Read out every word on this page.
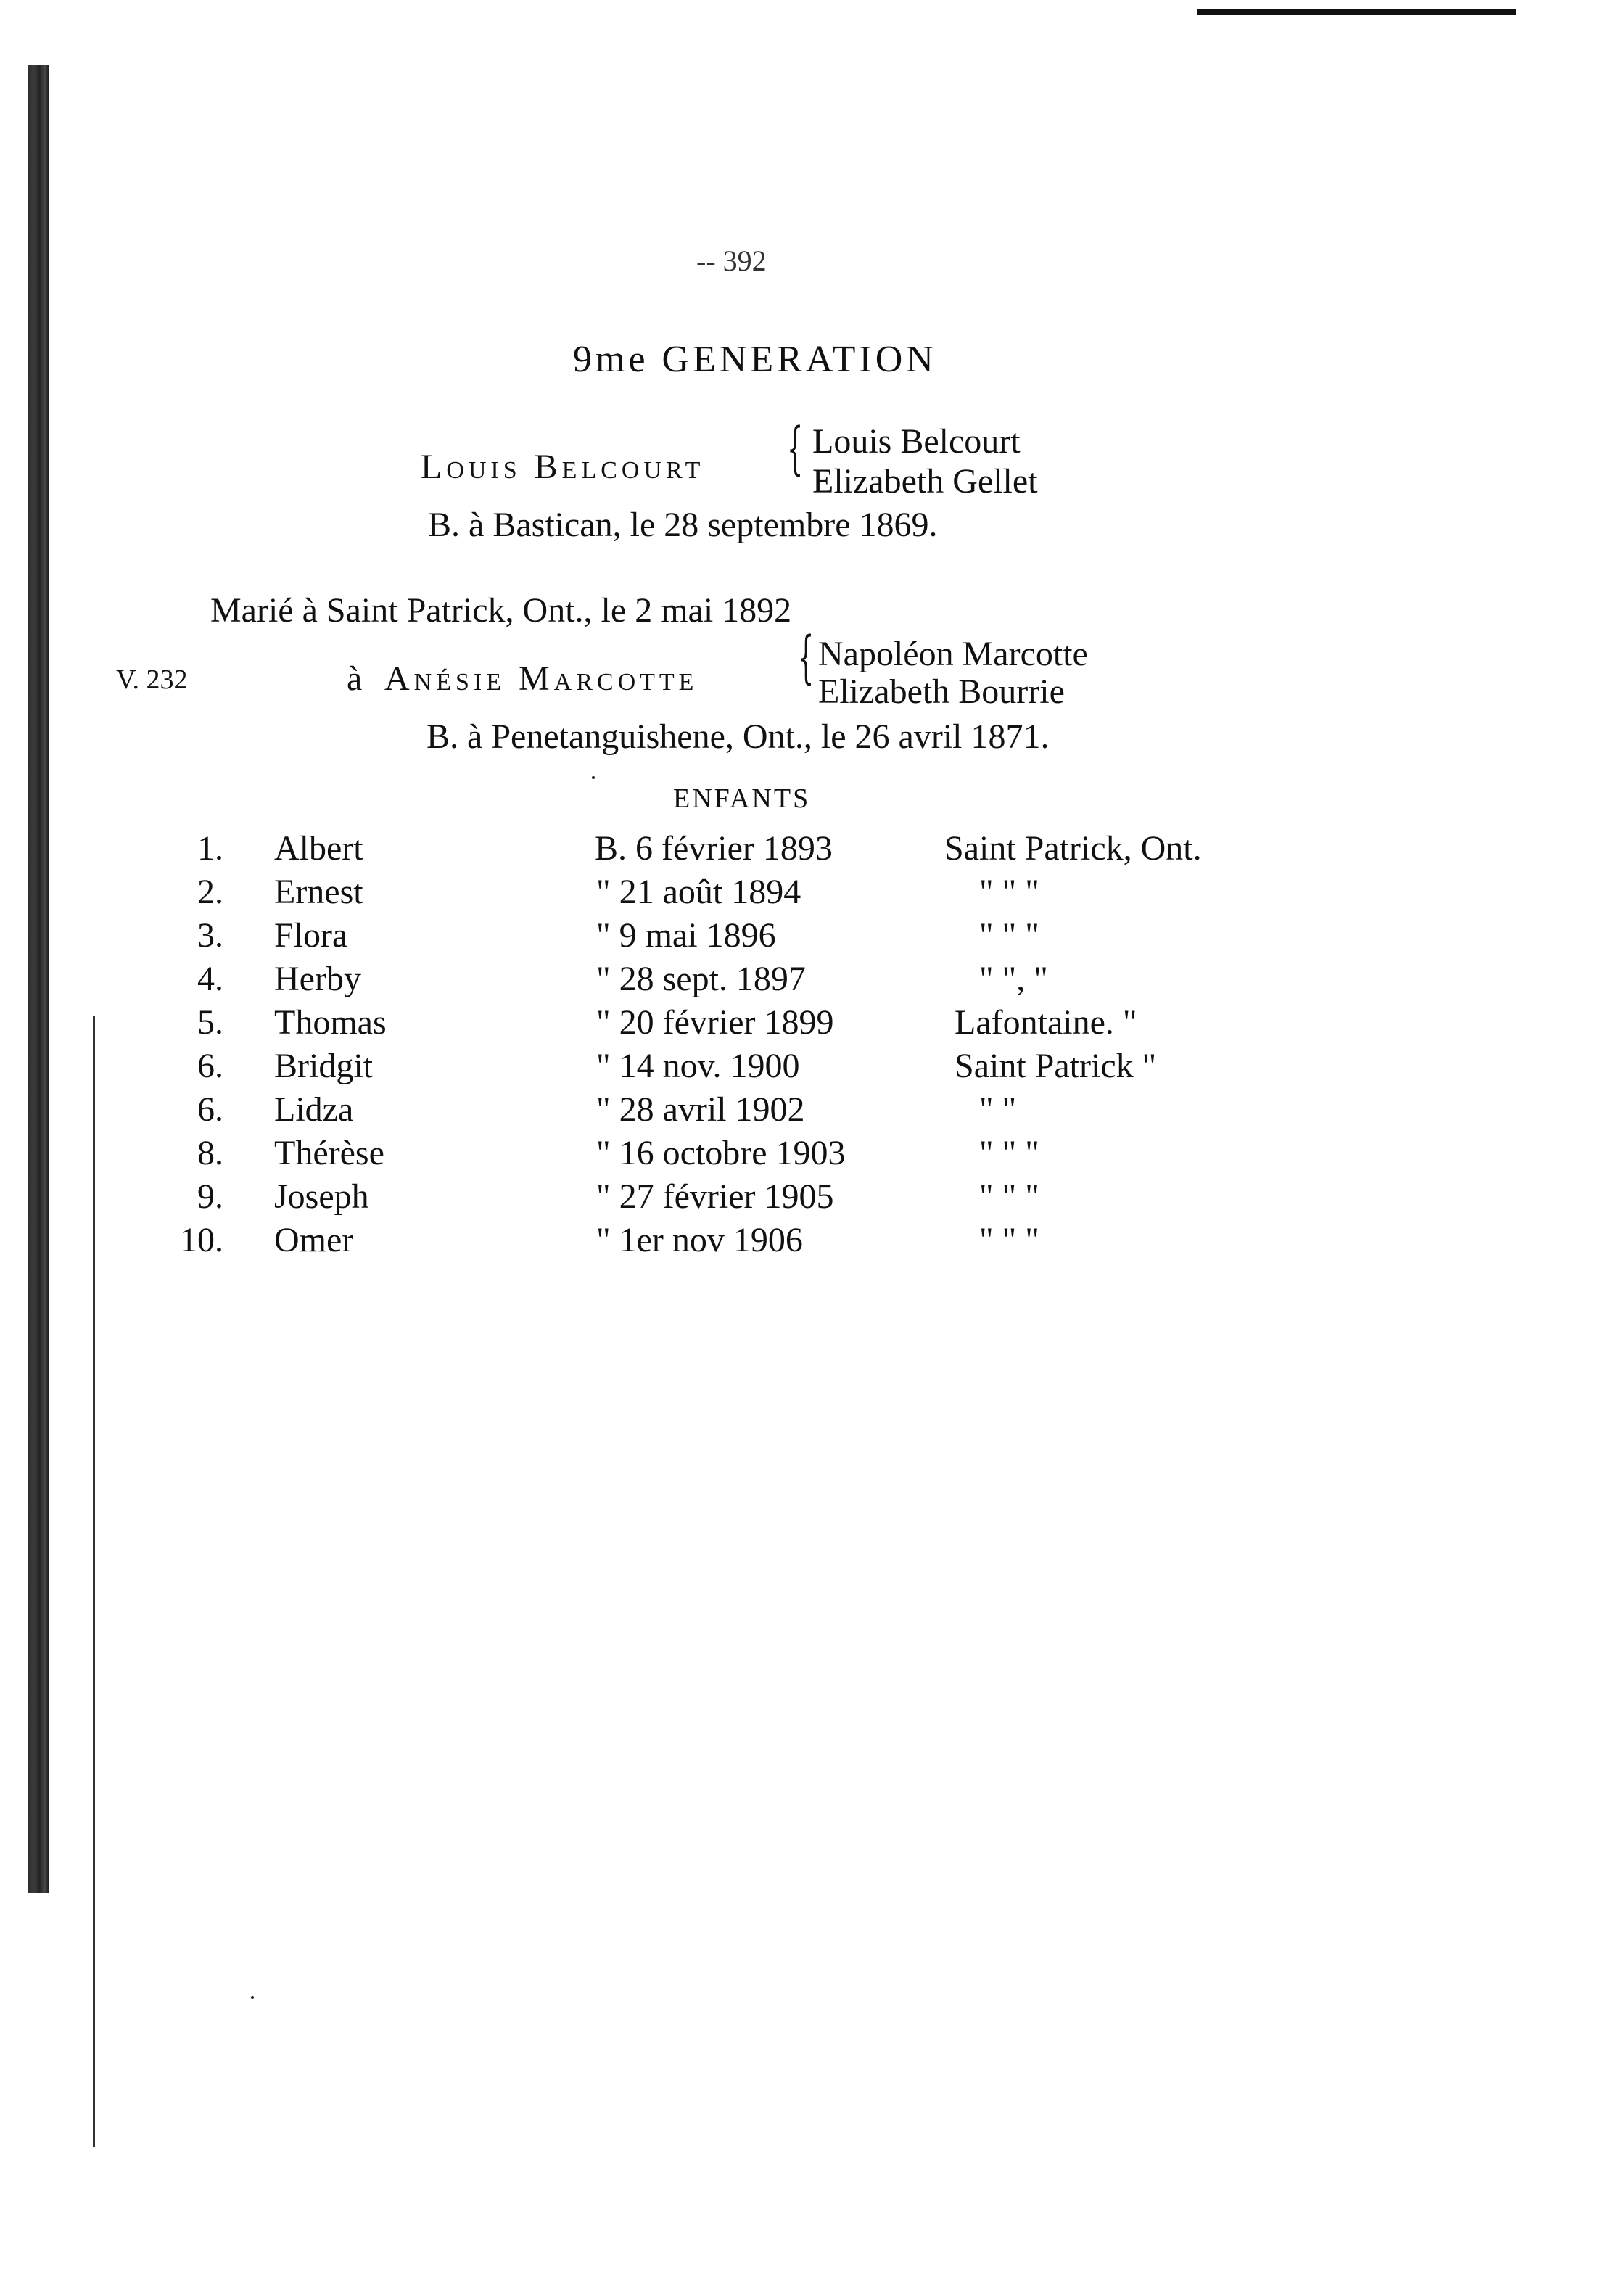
-- 392
9me GENERATION
Louis Belcourt { Louis Belcourt
Elizabeth Gellet
B. à Bastican, le 28 septembre 1869.
Marié à Saint Patrick, Ont., le 2 mai 1892
V. 232	à Anésie Marcotte { Napoléon Marcotte
Elizabeth Bourrie
B. à Penetanguishene, Ont., le 26 avril 1871.
ENFANTS
1. Albert	B. 6 février 1893	Saint Patrick, Ont.
2. Ernest	" 21 août 1894	" " "
3. Flora	" 9 mai 1896	" " "
4. Herby	" 28 sept. 1897	" ", "
5. Thomas	" 20 février 1899	Lafontaine. "
6. Bridgit	" 14 nov. 1900	Saint Patrick "
6. Lidza	" 28 avril 1902	" "
8. Thérèse	" 16 octobre 1903	" " "
9. Joseph	" 27 février 1905	" " "
10. Omer	" 1er nov 1906	" " "
